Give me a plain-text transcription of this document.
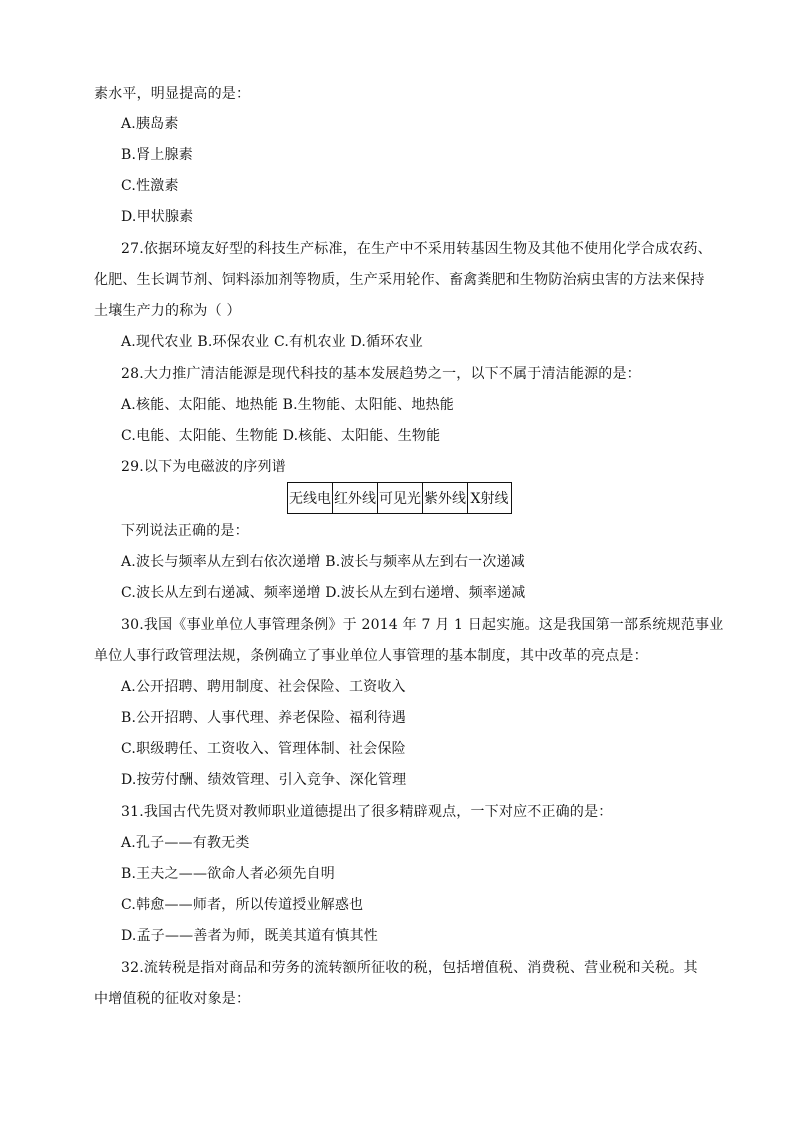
素水平，明显提高的是：
A.胰岛素
B.肾上腺素
C.性激素
D.甲状腺素
27.依据环境友好型的科技生产标准，在生产中不采用转基因生物及其他不使用化学合成农药、
化肥、生长调节剂、饲料添加剂等物质，生产采用轮作、畜禽粪肥和生物防治病虫害的方法来保持
土壤生产力的称为（ ）
A.现代农业 B.环保农业 C.有机农业 D.循环农业
28.大力推广清洁能源是现代科技的基本发展趋势之一，以下不属于清洁能源的是：
A.核能、太阳能、地热能 B.生物能、太阳能、地热能
C.电能、太阳能、生物能 D.核能、太阳能、生物能
29.以下为电磁波的序列谱
无线电	红外线	可见光	紫外线	X射线
下列说法正确的是：
A.波长与频率从左到右依次递增 B.波长与频率从左到右一次递减
C.波长从左到右递减、频率递增 D.波长从左到右递增、频率递减
30.我国《事业单位人事管理条例》于 2014 年 7 月 1 日起实施。这是我国第一部系统规范事业
单位人事行政管理法规，条例确立了事业单位人事管理的基本制度，其中改革的亮点是：
A.公开招聘、聘用制度、社会保险、工资收入
B.公开招聘、人事代理、养老保险、福利待遇
C.职级聘任、工资收入、管理体制、社会保险
D.按劳付酬、绩效管理、引入竞争、深化管理
31.我国古代先贤对教师职业道德提出了很多精辟观点，一下对应不正确的是：
A.孔子——有教无类
B.王夫之——欲命人者必须先自明
C.韩愈——师者，所以传道授业解惑也
D.孟子——善者为师，既美其道有慎其性
32.流转税是指对商品和劳务的流转额所征收的税，包括增值税、消费税、营业税和关税。其
中增值税的征收对象是：
